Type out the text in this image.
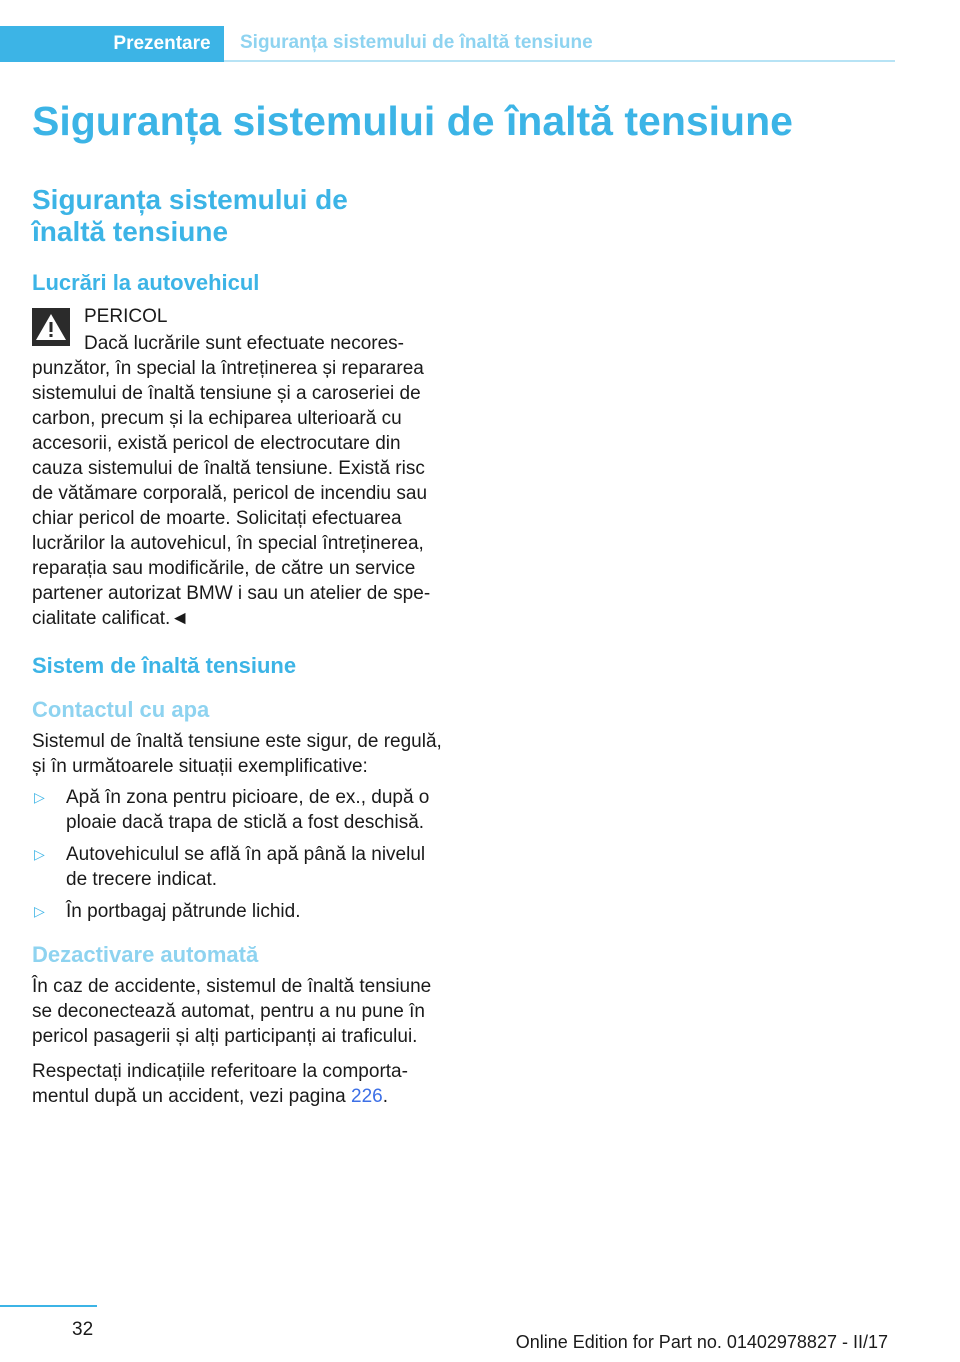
Prezentare	Siguranța sistemului de înaltă tensiune
Siguranța sistemului de înaltă tensiune
Siguranța sistemului de
înaltă tensiune
Lucrări la autovehicul
PERICOL

Dacă lucrările sunt efectuate necorespunzător, în special la întreținerea și repararea sistemului de înaltă tensiune și a caroseriei de carbon, precum și la echiparea ulterioară cu accesorii, există pericol de electrocutare din cauza sistemului de înaltă tensiune. Există risc de vătămare corporală, pericol de incendiu sau chiar pericol de moarte. Solicitați efectuarea lucrărilor la autovehicul, în special întreținerea, reparația sau modificările, de către un service partener autorizat BMW i sau un atelier de specialitate calificat.◄

Sistem de înaltă tensiune
Contactul cu apa

Sistemul de înaltă tensiune este sigur, de regulă, și în următoarele situații exemplificative:

▷ Apă în zona pentru picioare, de ex., după o ploaie dacă trapa de sticlă a fost deschisă.
▷ Autovehiculul se află în apă până la nivelul de trecere indicat.
▷ În portbagaj pătrunde lichid.
Dezactivare automată

În caz de accidente, sistemul de înaltă tensiune se deconectează automat, pentru a nu pune în pericol pasagerii și alți participanți ai traficului.

Respectați indicațiile referitoare la comportamentul după un accident, vezi pagina 226.

32
Online Edition for Part no. 01402978827 - II/17
